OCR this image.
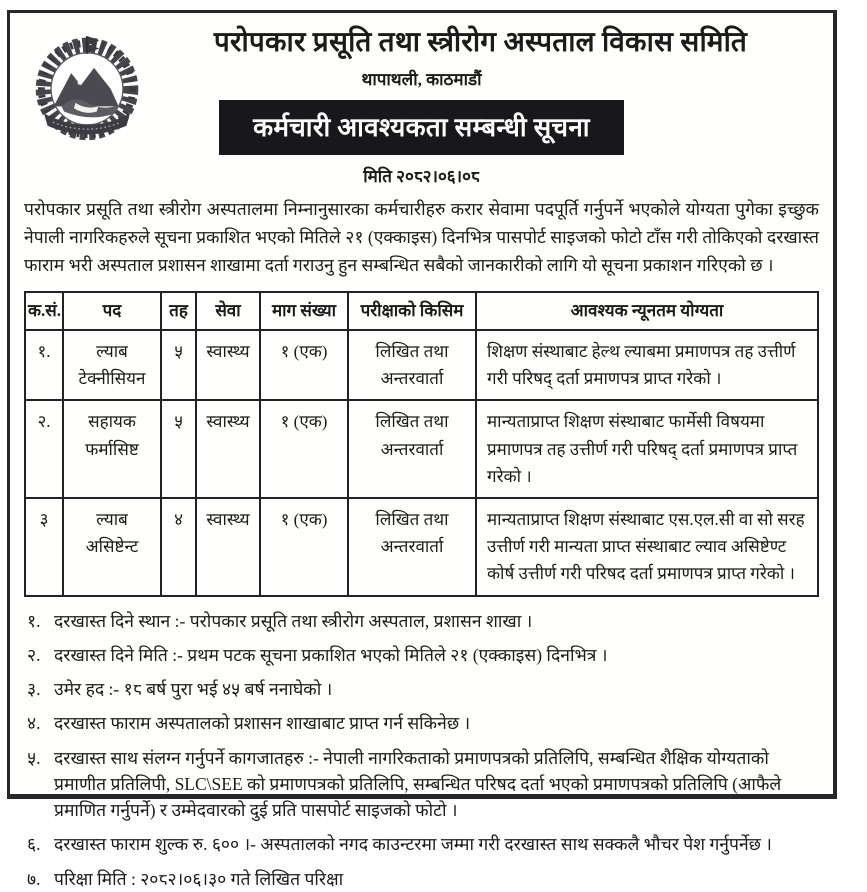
परोपकार प्रसूति तथा स्त्रीरोग अस्पताल विकास समिति
थापाथली, काठमाडौं
कर्मचारी आवश्यकता सम्बन्धी सूचना
मिति २०८२।०६।०८

परोपकार प्रसूति तथा स्त्रीरोग अस्पतालमा निम्नानुसारका कर्मचारीहरु करार सेवामा पदपूर्ति गर्नुपर्ने भएकोले योग्यता पुगेका इच्छुक नेपाली नागरिकहरुले सूचना प्रकाशित भएको मितिले २१ (एक्काइस) दिनभित्र पासपोर्ट साइजको फोटो टाँस गरी तोकिएको दरखास्त फाराम भरी अस्पताल प्रशासन शाखामा दर्ता गराउनु हुन सम्बन्धित सबैको जानकारीको लागि यो सूचना प्रकाशन गरिएको छ ।

क.सं.	पद	तह	सेवा	माग संख्या	परीक्षाको किसिम	आवश्यक न्यूनतम योग्यता
१.	ल्याब टेक्नीसियन	५	स्वास्थ्य	१ (एक)	लिखित तथा अन्तरवार्ता	शिक्षण संस्थाबाट हेल्थ ल्याबमा प्रमाणपत्र तह उत्तीर्ण गरी परिषद् दर्ता प्रमाणपत्र प्राप्त गरेको ।
२.	सहायक फर्मासिष्ट	५	स्वास्थ्य	१ (एक)	लिखित तथा अन्तरवार्ता	मान्यताप्राप्त शिक्षण संस्थाबाट फार्मेसी विषयमा प्रमाणपत्र तह उत्तीर्ण गरी परिषद् दर्ता प्रमाणपत्र प्राप्त गरेको ।
३	ल्याब असिष्टेन्ट	४	स्वास्थ्य	१ (एक)	लिखित तथा अन्तरवार्ता	मान्यताप्राप्त शिक्षण संस्थाबाट एस.एल.सी वा सो सरह उत्तीर्ण गरी मान्यता प्राप्त संस्थाबाट ल्याव असिष्टेण्ट कोर्ष उत्तीर्ण गरी परिषद दर्ता प्रमाणपत्र प्राप्त गरेको ।
१. दरखास्त दिने स्थान :- परोपकार प्रसूति तथा स्त्रीरोग अस्पताल, प्रशासन शाखा ।
२. दरखास्त दिने मिति :- प्रथम पटक सूचना प्रकाशित भएको मितिले २१ (एक्काइस) दिनभित्र ।
३. उमेर हद :- १८ बर्ष पुरा भई ४५ बर्ष ननाघेको ।
४. दरखास्त फाराम अस्पतालको प्रशासन शाखाबाट प्राप्त गर्न सकिनेछ ।
५. दरखास्त साथ संलग्न गर्नुपर्ने कागजातहरु :- नेपाली नागरिकताको प्रमाणपत्रको प्रतिलिपि, सम्बन्धित शैक्षिक योग्यताको प्रमाणीत प्रतिलिपी, SLC\SEE को प्रमाणपत्रको प्रतिलिपि, सम्बन्धित परिषद दर्ता भएको प्रमाणपत्रको प्रतिलिपि (आफैले प्रमाणित गर्नुपर्ने) र उम्मेदवारको दुई प्रति पासपोर्ट साइजको फोटो ।
६. दरखास्त फाराम शुल्क रु. ६०० ।- अस्पतालको नगद काउन्टरमा जम्मा गरी दरखास्त साथ सक्कलै भौचर पेश गर्नुपर्नेछ ।
७. परिक्षा मिति : २०८२।०६।३० गते लिखित परिक्षा
